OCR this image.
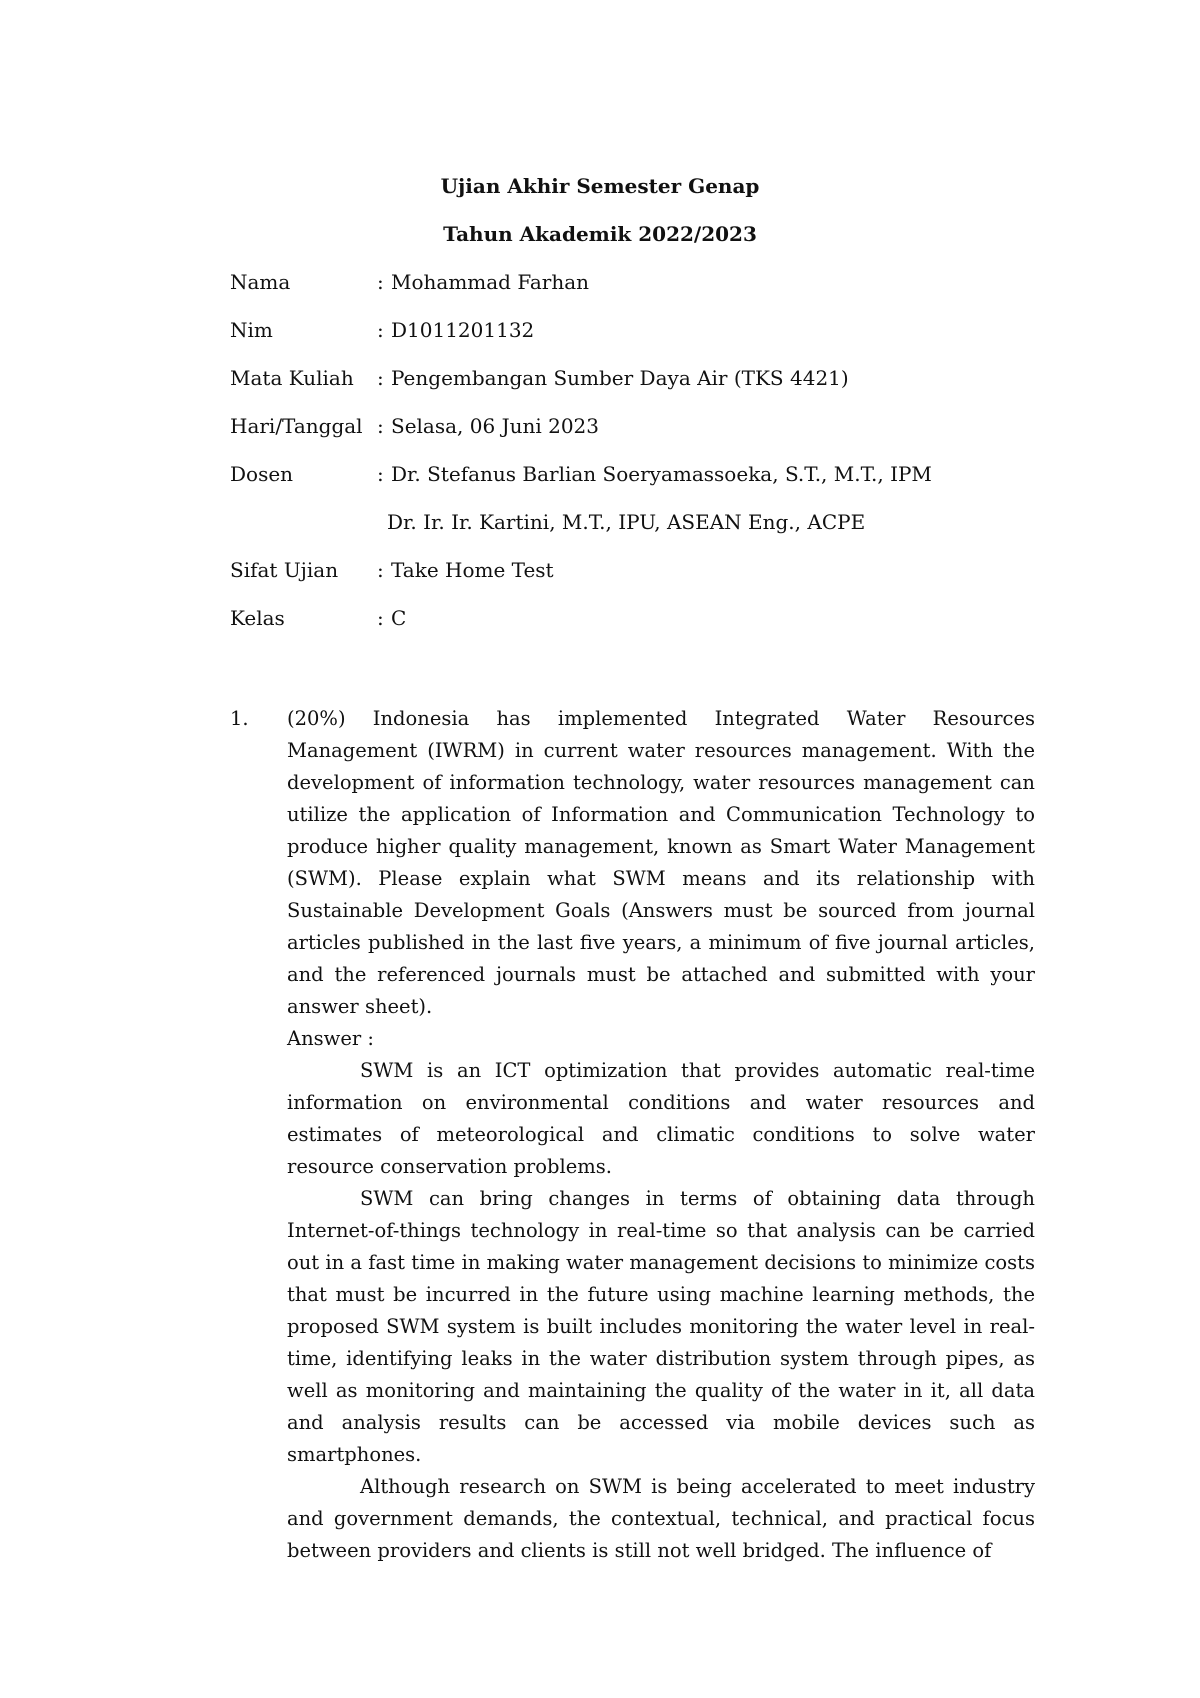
Ujian Akhir Semester Genap
Tahun Akademik 2022/2023
Nama	: Mohammad Farhan
Nim	: D1011201132
Mata Kuliah : Pengembangan Sumber Daya Air (TKS 4421)
Hari/Tanggal : Selasa, 06 Juni 2023
Dosen	: Dr. Stefanus Barlian Soeryamassoeka, S.T., M.T., IPM
Dr. Ir. Ir. Kartini, M.T., IPU, ASEAN Eng., ACPE
Sifat Ujian : Take Home Test
Kelas	: C
1. (20%) Indonesia has implemented Integrated Water Resources Management (IWRM) in current water resources management. With the development of information technology, water resources management can utilize the application of Information and Communication Technology to produce higher quality management, known as Smart Water Management (SWM). Please explain what SWM means and its relationship with Sustainable Development Goals (Answers must be sourced from journal articles published in the last five years, a minimum of five journal articles, and the referenced journals must be attached and submitted with your answer sheet).

Answer :

SWM is an ICT optimization that provides automatic real-time information on environmental conditions and water resources and estimates of meteorological and climatic conditions to solve water resource conservation problems.

SWM can bring changes in terms of obtaining data through Internet-of-things technology in real-time so that analysis can be carried out in a fast time in making water management decisions to minimize costs that must be incurred in the future using machine learning methods, the proposed SWM system is built includes monitoring the water level in real-time, identifying leaks in the water distribution system through pipes, as well as monitoring and maintaining the quality of the water in it, all data and analysis results can be accessed via mobile devices such as smartphones.

Although research on SWM is being accelerated to meet industry and government demands, the contextual, technical, and practical focus between providers and clients is still not well bridged. The influence of
